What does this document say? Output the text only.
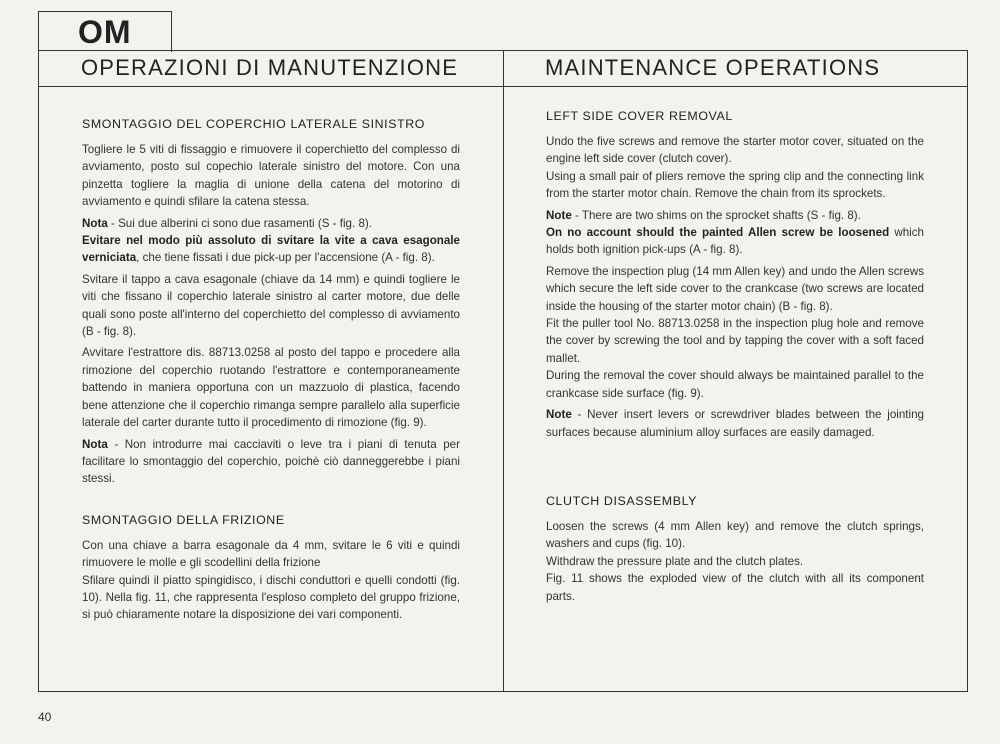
OM
OPERAZIONI DI MANUTENZIONE	MAINTENANCE OPERATIONS
SMONTAGGIO DEL COPERCHIO LATERALE SINISTRO

Togliere le 5 viti di fissaggio e rimuovere il coperchietto del complesso di avviamento, posto sul copechio laterale sinistro del motore. Con una pinzetta togliere la maglia di unione della catena del motorino di avviamento e quindi sfilare la catena stessa.

Nota - Sui due alberini ci sono due rasamenti (S - fig. 8).
Evitare nel modo più assoluto di svitare la vite a cava esagonale verniciata, che tiene fissati i due pick-up per l'accensione (A - fig. 8).

Svitare il tappo a cava esagonale (chiave da 14 mm) e quindi togliere le viti che fissano il coperchio laterale sinistro al carter motore, due delle quali sono poste all'interno del coperchietto del complesso di avviamento (B - fig. 8).

Avvitare l'estrattore dis. 88713.0258 al posto del tappo e procedere alla rimozione del coperchio ruotando l'estrattore e contemporaneamente battendo in maniera opportuna con un mazzuolo di plastica, facendo bene attenzione che il coperchio rimanga sempre parallelo alla superficie laterale del carter durante tutto il procedimento di rimozione (fig. 9).

Nota - Non introdurre mai cacciaviti o leve tra i piani di tenuta per facilitare lo smontaggio del coperchio, poichè ciò danneggerebbe i piani stessi.

SMONTAGGIO DELLA FRIZIONE

Con una chiave a barra esagonale da 4 mm, svitare le 6 viti e quindi rimuovere le molle e gli scodellini della frizione

Sfilare quindi il piatto spingidisco, i dischi conduttori e quelli condotti (fig. 10). Nella fig. 11, che rappresenta l'esploso completo del gruppo frizione, si può chiaramente notare la disposizione dei vari componenti.

LEFT SIDE COVER REMOVAL

Undo the five screws and remove the starter motor cover, situated on the engine left side cover (clutch cover).

Using a small pair of pliers remove the spring clip and the connecting link from the starter motor chain. Remove the chain from its sprockets.

Note - There are two shims on the sprocket shafts (S - fig. 8).
On no account should the painted Allen screw be loosened which holds both ignition pick-ups (A - fig. 8).

Remove the inspection plug (14 mm Allen key) and undo the Allen screws which secure the left side cover to the crankcase (two screws are located inside the housing of the starter motor chain) (B - fig. 8).

Fit the puller tool No. 88713.0258 in the inspection plug hole and remove the cover by screwing the tool and by tapping the cover with a soft faced mallet.

During the removal the cover should always be maintained parallel to the crankcase side surface (fig. 9).

Note - Never insert levers or screwdriver blades between the jointing surfaces because aluminium alloy surfaces are easily damaged.

CLUTCH DISASSEMBLY

Loosen the screws (4 mm Allen key) and remove the clutch springs, washers and cups (fig. 10).

Withdraw the pressure plate and the clutch plates.

Fig. 11 shows the exploded view of the clutch with all its component parts.

40
